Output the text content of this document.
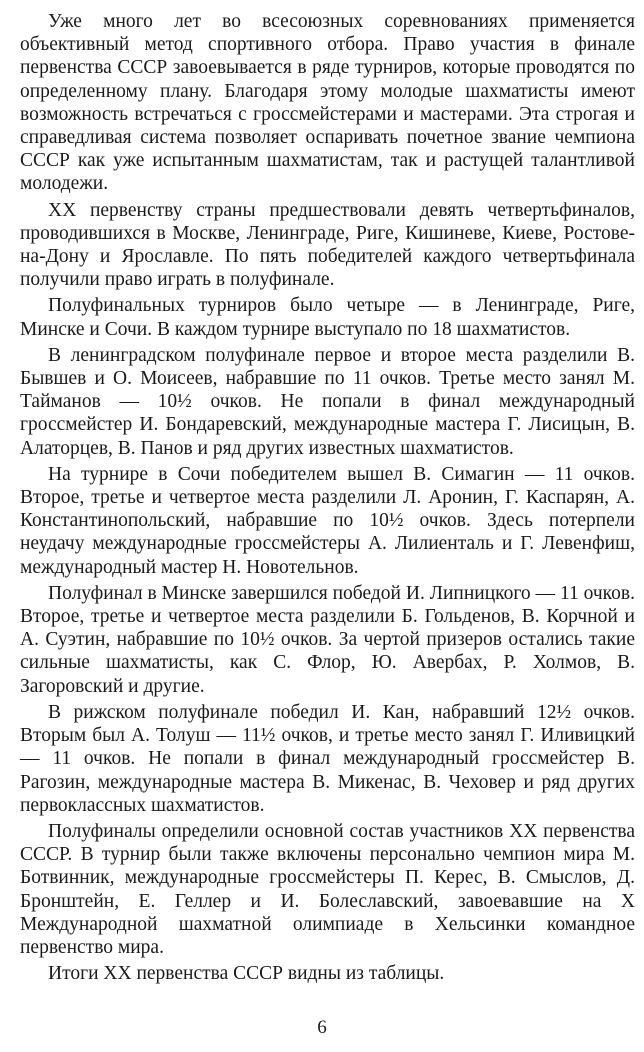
Уже много лет во всесоюзных соревнованиях применяется объективный метод спортивного отбора. Право участия в финале первенства СССР завоевывается в ряде турниров, которые проводятся по определенному плану. Благодаря этому молодые шахматисты имеют возможность встречаться с гроссмейстерами и мастерами. Эта строгая и справедливая система позволяет оспаривать почетное звание чемпиона СССР как уже испытанным шахматистам, так и растущей талантливой молодежи.

XX первенству страны предшествовали девять четвертьфиналов, проводившихся в Москве, Ленинграде, Риге, Кишиневе, Киеве, Ростове-на-Дону и Ярославле. По пять победителей каждого четвертьфинала получили право играть в полуфинале.

Полуфинальных турниров было четыре — в Ленинграде, Риге, Минске и Сочи. В каждом турнире выступало по 18 шахматистов.

В ленинградском полуфинале первое и второе места разделили В. Бывшев и О. Моисеев, набравшие по 11 очков. Третье место занял М. Тайманов — 10½ очков. Не попали в финал международный гроссмейстер И. Бондаревский, международные мастера Г. Лисицын, В. Алаторцев, В. Панов и ряд других известных шахматистов.

На турнире в Сочи победителем вышел В. Симагин — 11 очков. Второе, третье и четвертое места разделили Л. Аронин, Г. Каспарян, А. Константинопольский, набравшие по 10½ очков. Здесь потерпели неудачу международные гроссмейстеры А. Лилиенталь и Г. Левенфиш, международный мастер Н. Новотельнов.

Полуфинал в Минске завершился победой И. Липницкого — 11 очков. Второе, третье и четвертое места разделили Б. Гольденов, В. Корчной и А. Суэтин, набравшие по 10½ очков. За чертой призеров остались такие сильные шахматисты, как С. Флор, Ю. Авербах, Р. Холмов, В. Загоровский и другие.

В рижском полуфинале победил И. Кан, набравший 12½ очков. Вторым был А. Толуш — 11½ очков, и третье место занял Г. Иливицкий — 11 очков. Не попали в финал международный гроссмейстер В. Рагозин, международные мастера В. Микенас, В. Чеховер и ряд других первоклассных шахматистов.

Полуфиналы определили основной состав участников XX первенства СССР. В турнир были также включены персонально чемпион мира М. Ботвинник, международные гроссмейстеры П. Керес, В. Смыслов, Д. Бронштейн, Е. Геллер и И. Болеславский, завоевавшие на X Международной шахматной олимпиаде в Хельсинки командное первенство мира.

Итоги XX первенства СССР видны из таблицы.

6
